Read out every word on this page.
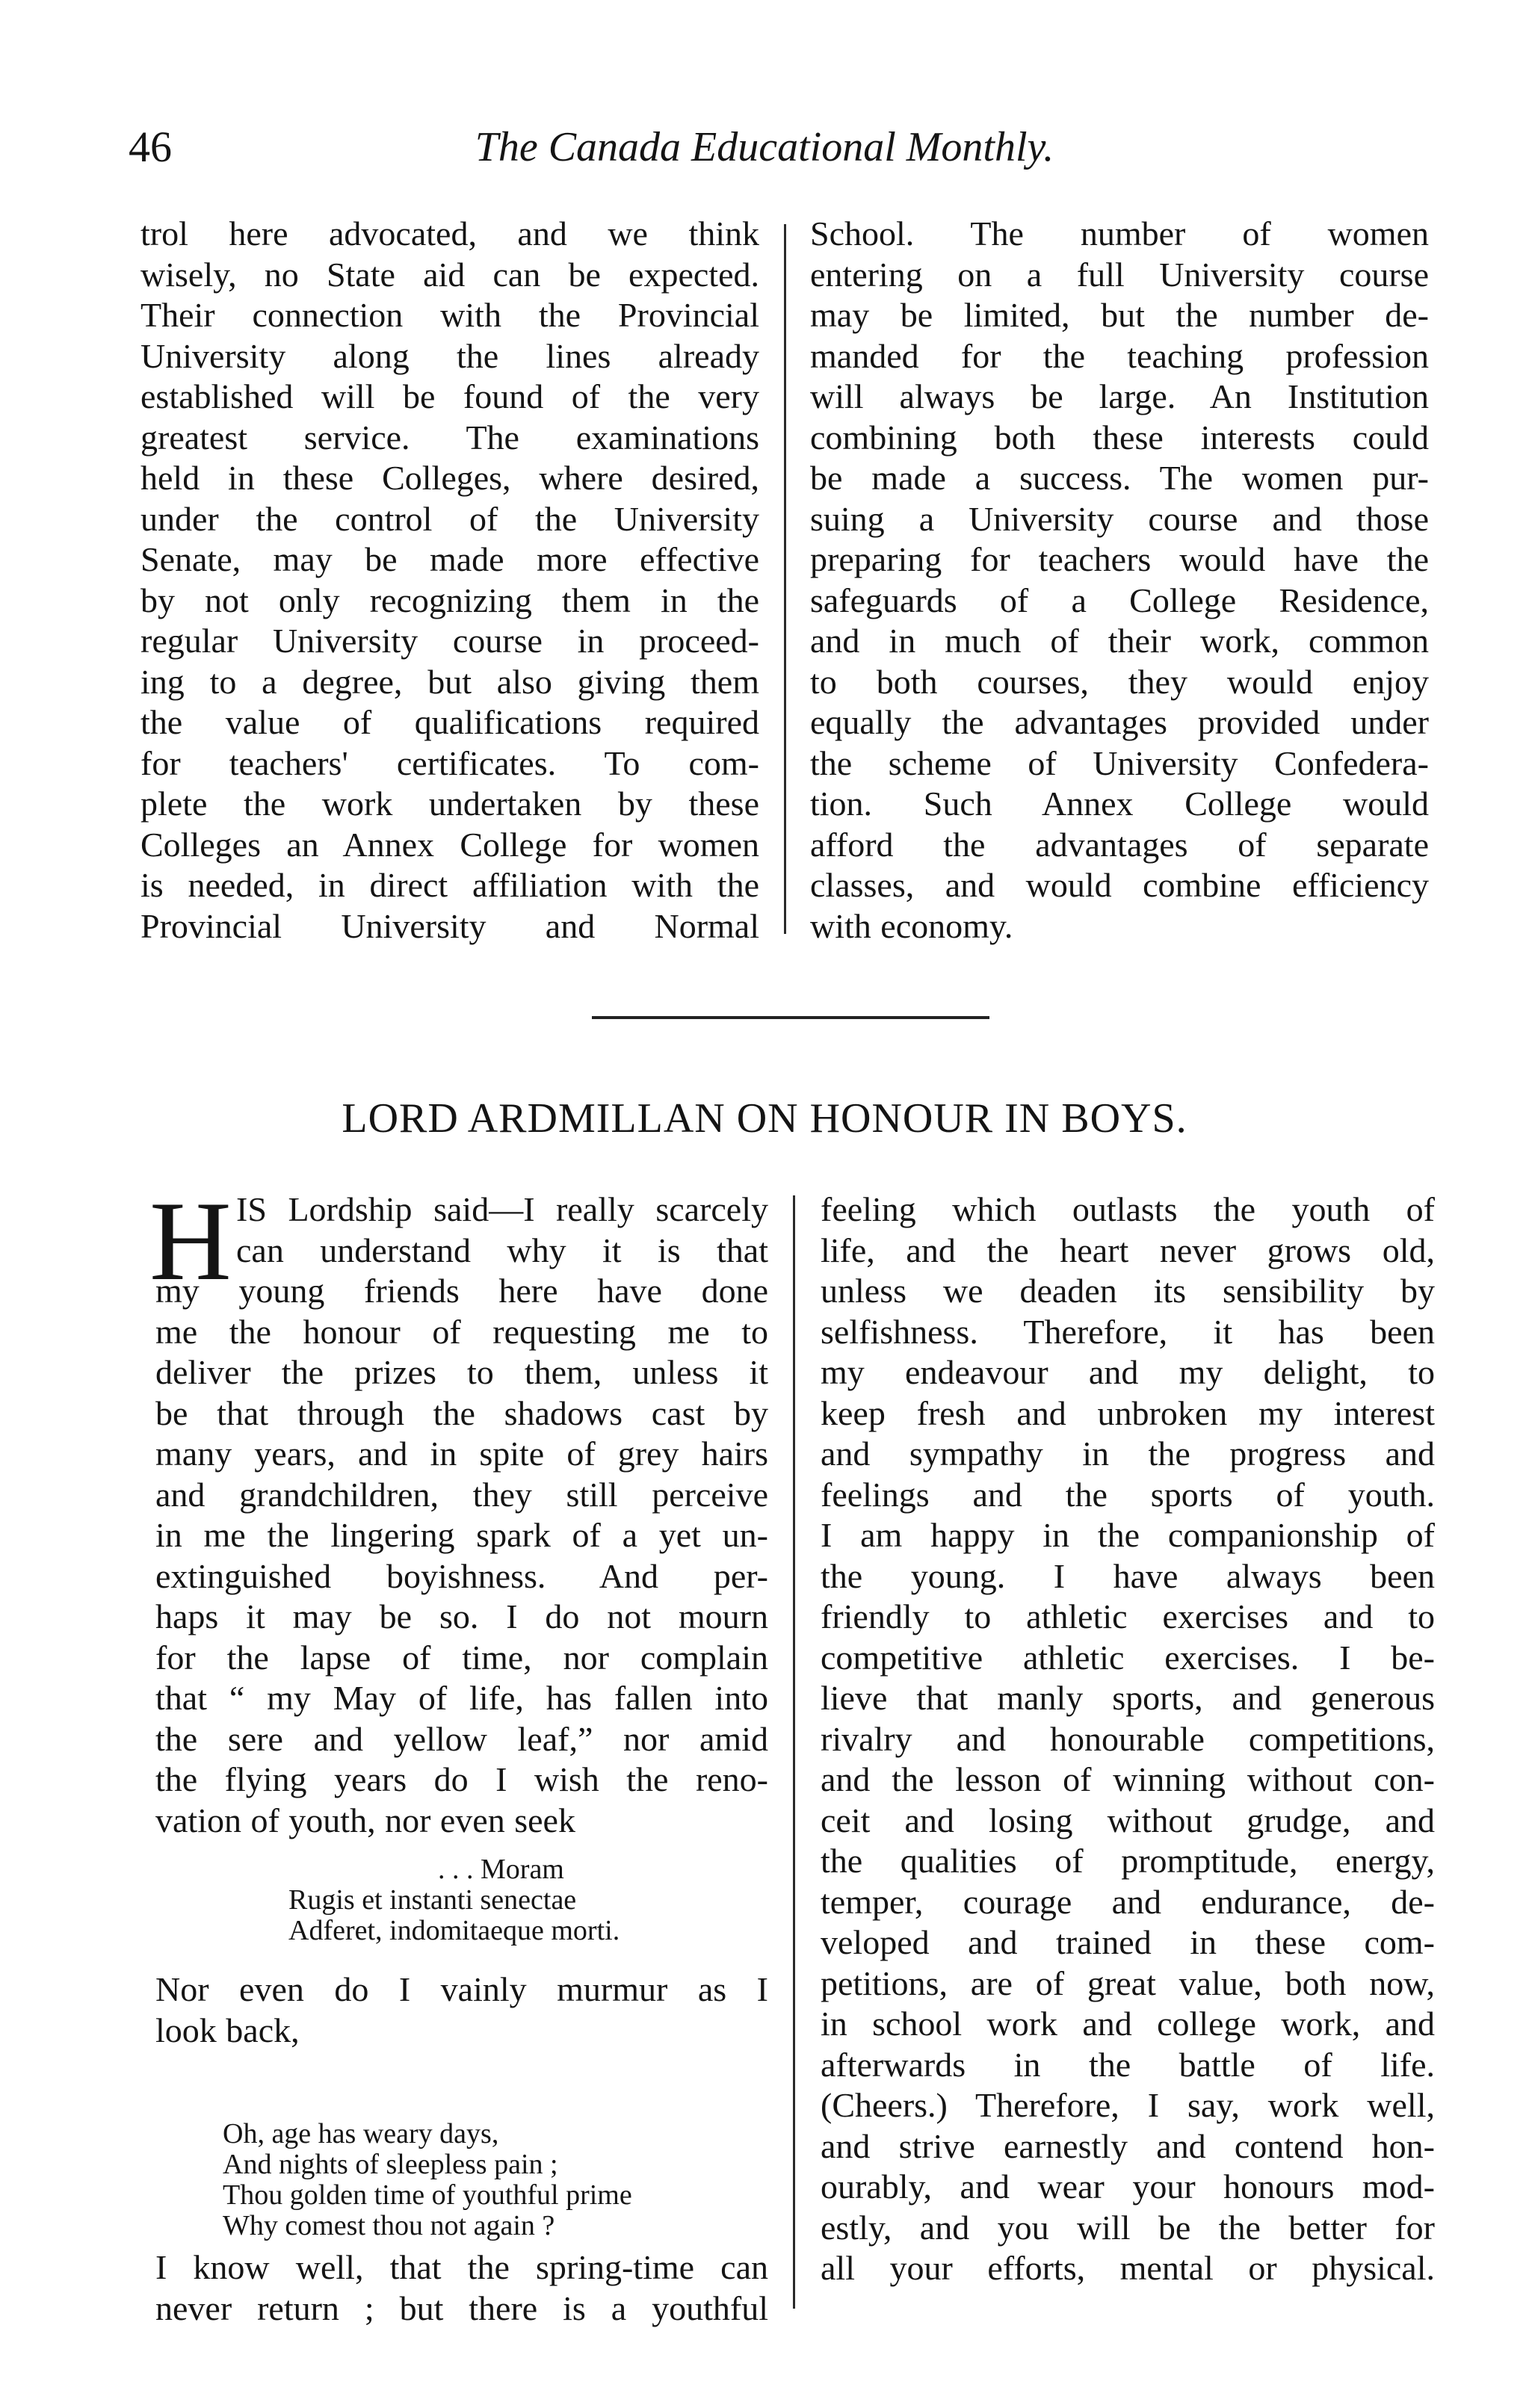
46	The Canada Educational Monthly.
trol here advocated, and we think
wisely, no State aid can be expected.
Their connection with the Provincial
University along the lines already
established will be found of the very
greatest service. The examinations
held in these Colleges, where desired,
under the control of the University
Senate, may be made more effective
by not only recognizing them in the
regular University course in proceed-
ing to a degree, but also giving them
the value of qualifications required
for teachers' certificates. To com-
plete the work undertaken by these
Colleges an Annex College for women
is needed, in direct affiliation with the
Provincial University and Normal
School. The number of women
entering on a full University course
may be limited, but the number de-
manded for the teaching profession
will always be large. An Institution
combining both these interests could
be made a success. The women pur-
suing a University course and those
preparing for teachers would have the
safeguards of a College Residence,
and in much of their work, common
to both courses, they would enjoy
equally the advantages provided under
the scheme of University Confedera-
tion. Such Annex College would
afford the advantages of separate
classes, and would combine efficiency
with economy.
LORD ARDMILLAN ON HONOUR IN BOYS.
H IS Lordship said—I really scarcely
can understand why it is that
my young friends here have done
me the honour of requesting me to
deliver the prizes to them, unless it
be that through the shadows cast by
many years, and in spite of grey hairs
and grandchildren, they still perceive
in me the lingering spark of a yet un-
extinguished boyishness. And per-
haps it may be so. I do not mourn
for the lapse of time, nor complain
that “ my May of life, has fallen into
the sere and yellow leaf,” nor amid
the flying years do I wish the reno-
vation of youth, nor even seek
. . . Moram
Rugis et instanti senectae
Adferet, indomitaeque morti.
Nor even do I vainly murmur as I
look back,
Oh, age has weary days,
And nights of sleepless pain ;
Thou golden time of youthful prime
Why comest thou not again ?
I know well, that the spring-time can
never return ; but there is a youthful
feeling which outlasts the youth of
life, and the heart never grows old,
unless we deaden its sensibility by
selfishness. Therefore, it has been
my endeavour and my delight, to
keep fresh and unbroken my interest
and sympathy in the progress and
feelings and the sports of youth.
I am happy in the companionship of
the young. I have always been
friendly to athletic exercises and to
competitive athletic exercises. I be-
lieve that manly sports, and generous
rivalry and honourable competitions,
and the lesson of winning without con-
ceit and losing without grudge, and
the qualities of promptitude, energy,
temper, courage and endurance, de-
veloped and trained in these com-
petitions, are of great value, both now,
in school work and college work, and
afterwards in the battle of life.
(Cheers.) Therefore, I say, work well,
and strive earnestly and contend hon-
ourably, and wear your honours mod-
estly, and you will be the better for
all your efforts, mental or physical.
